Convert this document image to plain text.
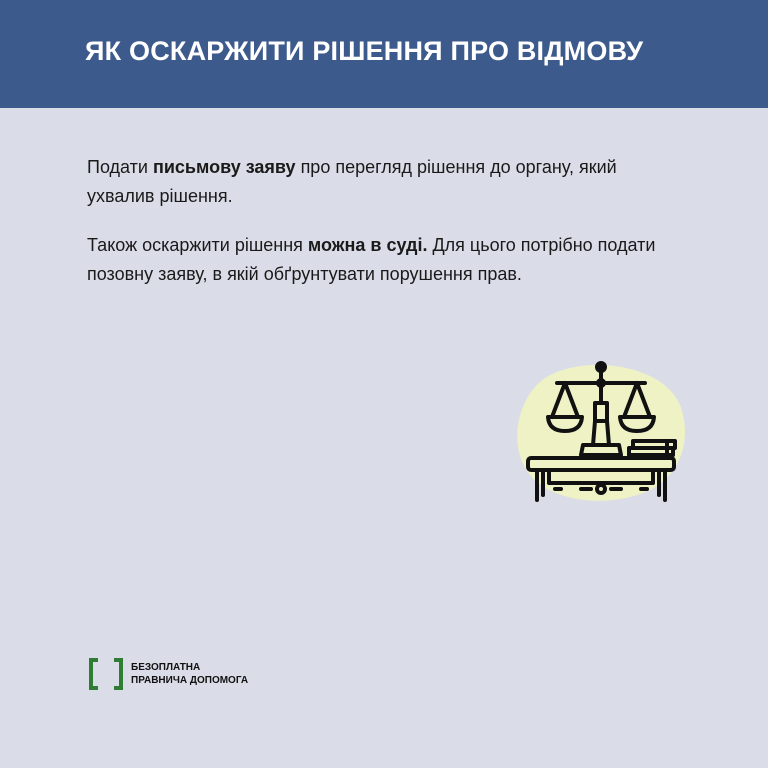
ЯК ОСКАРЖИТИ РІШЕННЯ ПРО ВІДМОВУ

Подати письмову заяву про перегляд рішення до органу, який ухвалив рішення.

Також оскаржити рішення можна в суді. Для цього потрібно подати позовну заяву, в якій обґрунтувати порушення прав.

БЕЗОПЛАТНА
ПРАВНИЧА ДОПОМОГА
